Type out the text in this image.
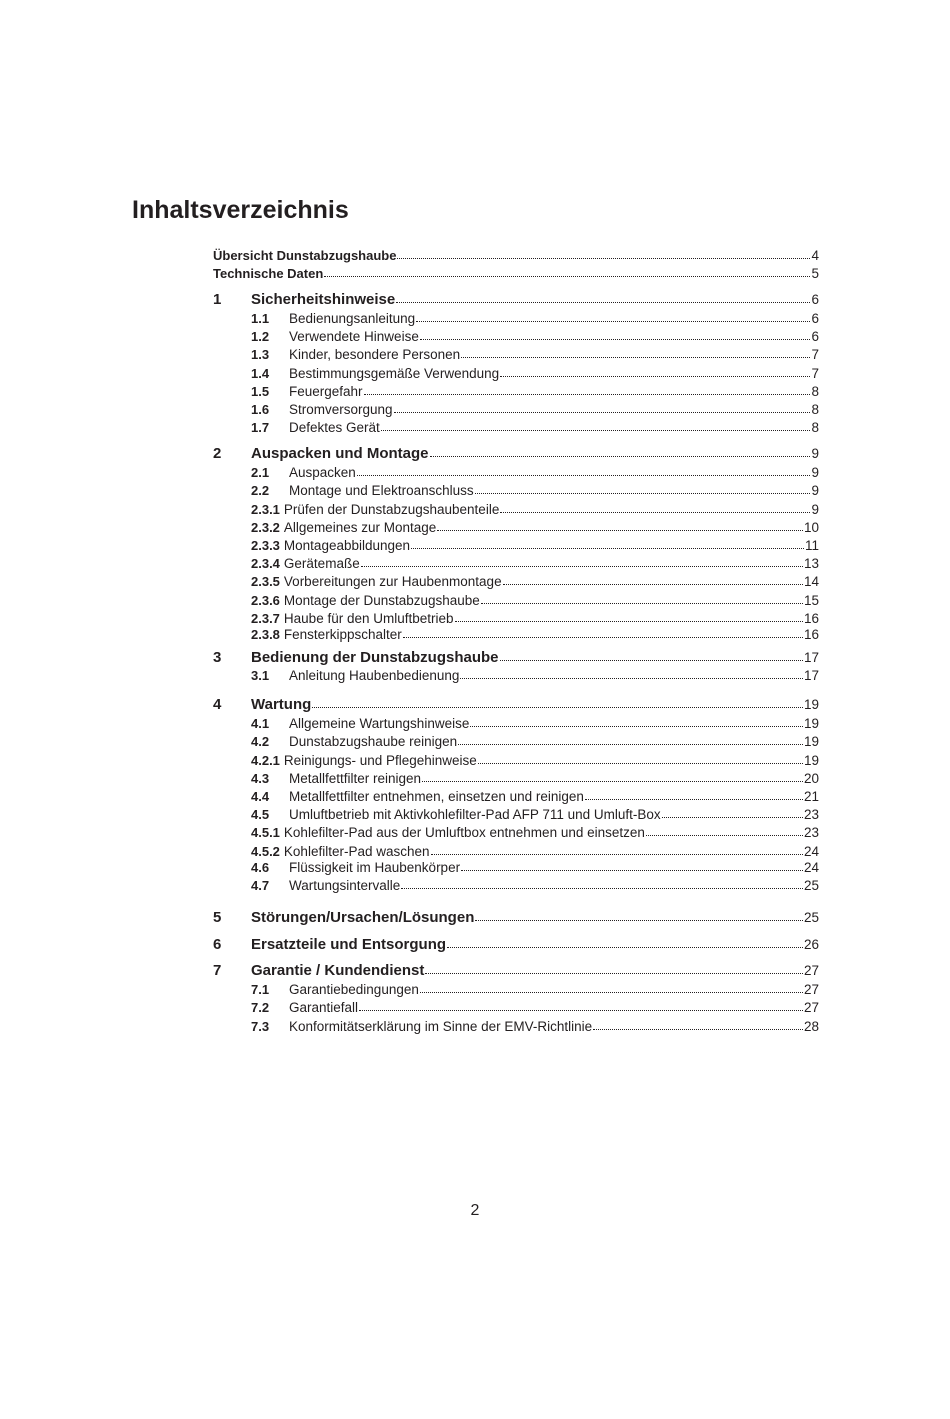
Inhaltsverzeichnis
Übersicht Dunstabzugshaube	4
Technische Daten	5
1	Sicherheitshinweise	6
1.1	Bedienungsanleitung	6
1.2	Verwendete Hinweise	6
1.3	Kinder, besondere Personen	7
1.4	Bestimmungsgemäße Verwendung	7
1.5	Feuergefahr	8
1.6	Stromversorgung	8
1.7	Defektes Gerät	8
2	Auspacken und Montage	9
2.1	Auspacken	9
2.2	Montage und Elektroanschluss	9
2.3.1 Prüfen der Dunstabzugshaubenteile	9
2.3.2 Allgemeines zur Montage	10
2.3.3 Montageabbildungen	11
2.3.4 Gerätemaße	13
2.3.5 Vorbereitungen zur Haubenmontage	14
2.3.6 Montage der Dunstabzugshaube	15
2.3.7 Haube für den Umluftbetrieb	16
2.3.8 Fensterkippschalter	16
3	Bedienung der Dunstabzugshaube	17
3.1	Anleitung Haubenbedienung	17
4	Wartung	19
4.1	Allgemeine Wartungshinweise	19
4.2	Dunstabzugshaube reinigen	19
4.2.1 Reinigungs- und Pflegehinweise	19
4.3	Metallfettfilter reinigen	20
4.4	Metallfettfilter entnehmen, einsetzen und reinigen	21
4.5	Umluftbetrieb mit Aktivkohlefilter-Pad AFP 711 und Umluft-Box	23
4.5.1 Kohlefilter-Pad aus der Umluftbox entnehmen und einsetzen	23
4.5.2 Kohlefilter-Pad waschen	24
4.6	Flüssigkeit im Haubenkörper	24
4.7	Wartungsintervalle	25
5	Störungen/Ursachen/Lösungen	25
6	Ersatzteile und Entsorgung	26
7	Garantie / Kundendienst	27
7.1	Garantiebedingungen	27
7.2	Garantiefall	27
7.3	Konformitätserklärung im Sinne der EMV-Richtlinie	28
2
